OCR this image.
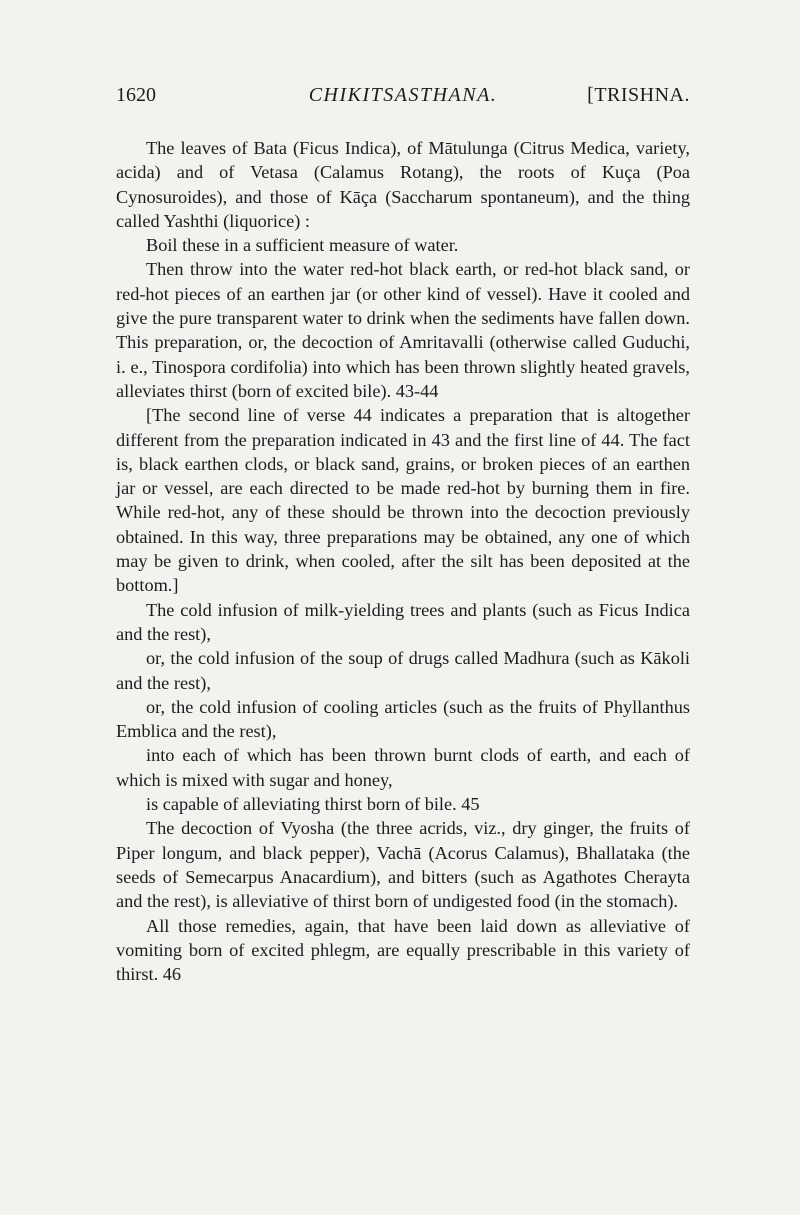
1620	CHIKITSASTHANA.	[TRISHNA.

The leaves of Bata (Ficus Indica), of Mātulunga (Citrus Medica, variety, acida) and of Vetasa (Calamus Rotang), the roots of Kuça (Poa Cynosuroides), and those of Kāça (Saccharum spontaneum), and the thing called Yashthi (liquorice) :

Boil these in a sufficient measure of water.

Then throw into the water red-hot black earth, or red-hot black sand, or red-hot pieces of an earthen jar (or other kind of vessel). Have it cooled and give the pure transparent water to drink when the sediments have fallen down. This preparation, or, the decoction of Amritavalli (otherwise called Guduchi, i. e., Tinospora cordifolia) into which has been thrown slightly heated gravels, alleviates thirst (born of excited bile). 43-44

[The second line of verse 44 indicates a preparation that is altogether different from the preparation indicated in 43 and the first line of 44. The fact is, black earthen clods, or black sand, grains, or broken pieces of an earthen jar or vessel, are each directed to be made red-hot by burning them in fire. While red-hot, any of these should be thrown into the decoction previously obtained. In this way, three preparations may be obtained, any one of which may be given to drink, when cooled, after the silt has been deposited at the bottom.]

The cold infusion of milk-yielding trees and plants (such as Ficus Indica and the rest),

or, the cold infusion of the soup of drugs called Madhura (such as Kākoli and the rest),

or, the cold infusion of cooling articles (such as the fruits of Phyllanthus Emblica and the rest),

into each of which has been thrown burnt clods of earth, and each of which is mixed with sugar and honey,

is capable of alleviating thirst born of bile. 45

The decoction of Vyosha (the three acrids, viz., dry ginger, the fruits of Piper longum, and black pepper), Vachā (Acorus Calamus), Bhallataka (the seeds of Semecarpus Anacardium), and bitters (such as Agathotes Cherayta and the rest), is alleviative of thirst born of undigested food (in the stomach).

All those remedies, again, that have been laid down as alleviative of vomiting born of excited phlegm, are equally prescribable in this variety of thirst. 46
